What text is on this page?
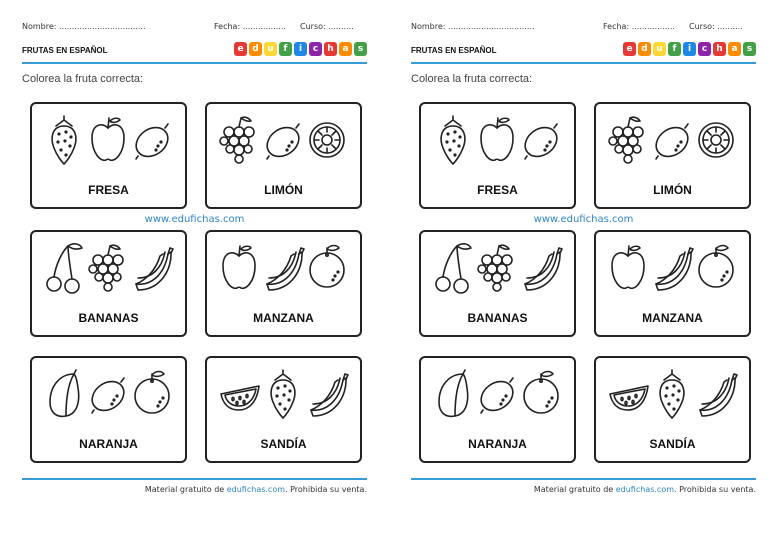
Nombre: ..................................	Fecha: ................. Curso: ..........
FRUTAS EN ESPAÑOL	e d u	f	i	c	h a	s
Colorea la fruta correcta:
www.edufichas.com
Material gratuito de edufichas.com. Prohibida su venta.
FRESA	LIMÓN
BANANAS	MANZANA
NARANJA	SANDÍA
Nombre: ..................................	Fecha: ................. Curso: ..........
FRUTAS EN ESPAÑOL	e d u	f	i	c	h a	s
Colorea la fruta correcta:
www.edufichas.com
Material gratuito de edufichas.com. Prohibida su venta.
FRESA	LIMÓN
BANANAS	MANZANA
NARANJA	SANDÍA
